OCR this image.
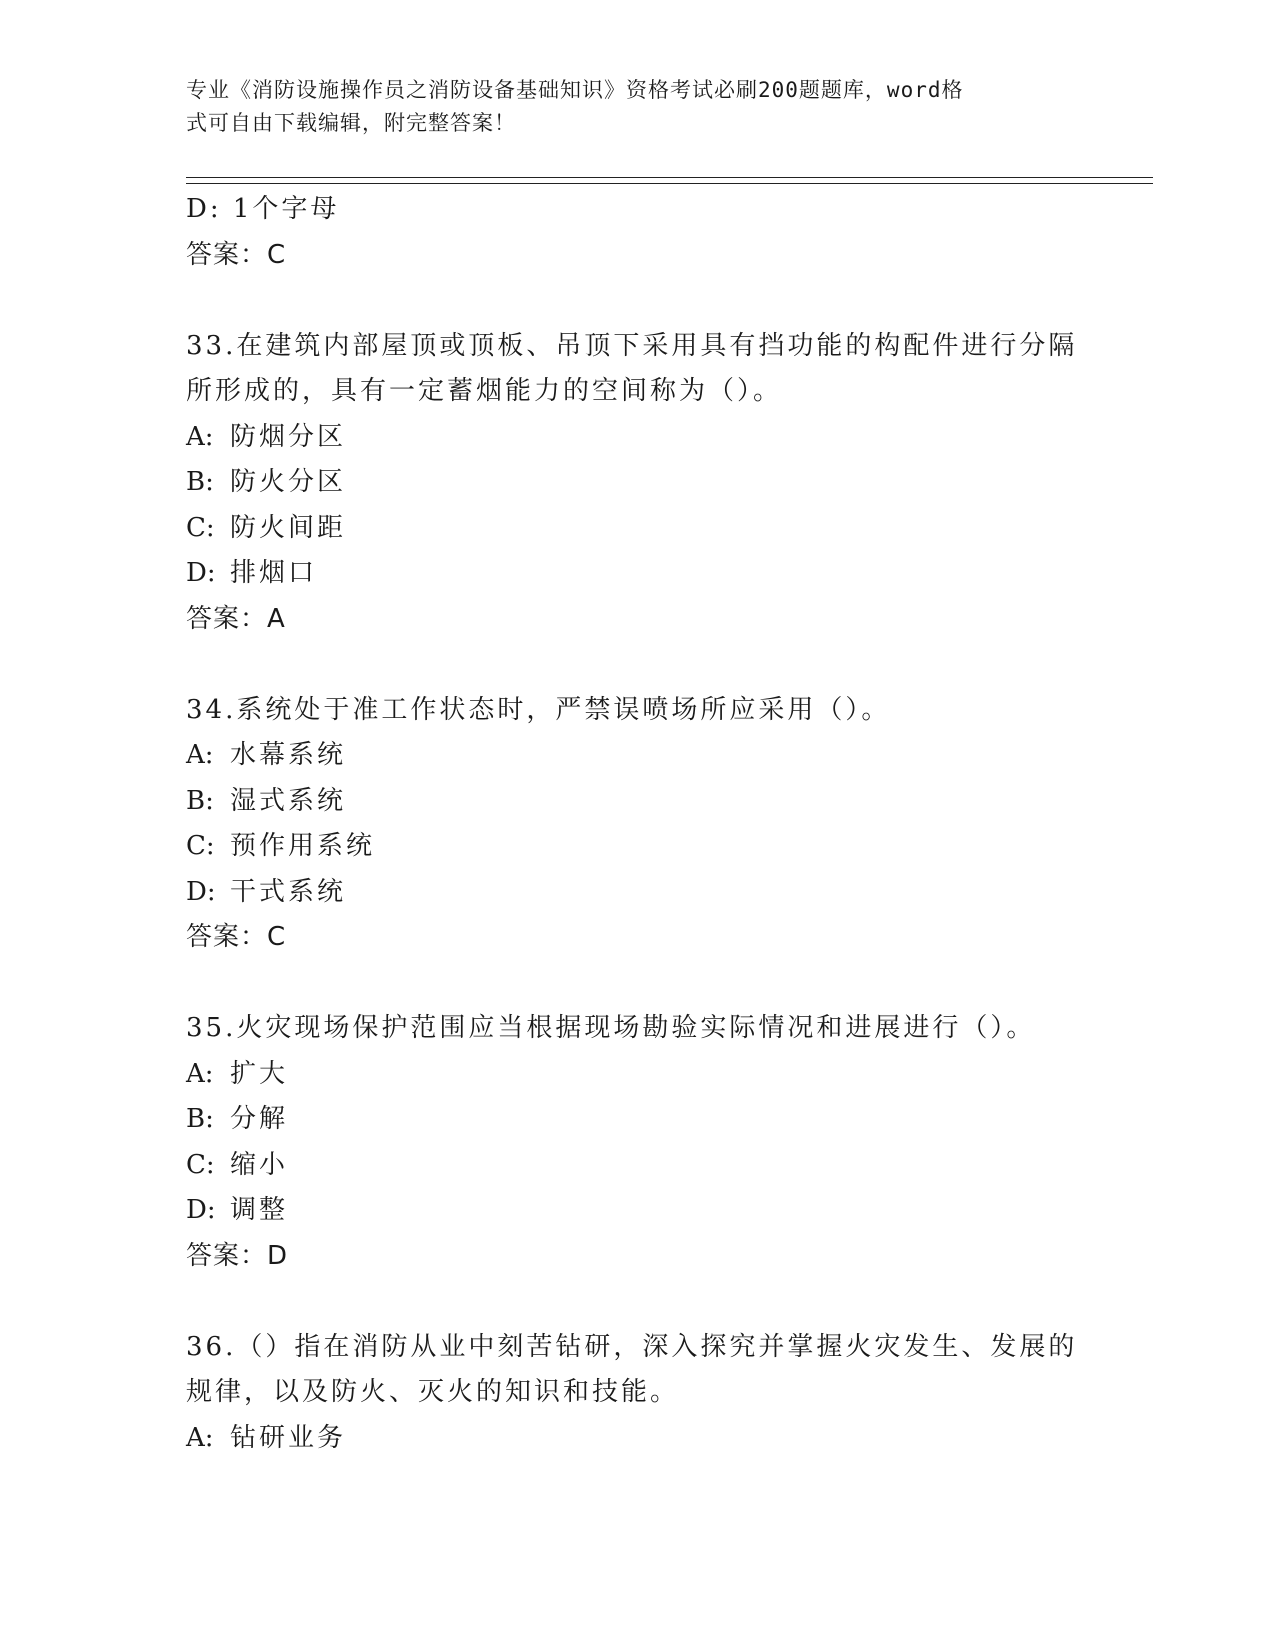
专业《消防设施操作员之消防设备基础知识》资格考试必刷200题题库，word格
式可自由下载编辑，附完整答案！
D: 1个字母
答案：C
33.在建筑内部屋顶或顶板、吊顶下采用具有挡功能的构配件进行分隔
所形成的，具有一定蓄烟能力的空间称为（）。
A: 防烟分区
B: 防火分区
C: 防火间距
D: 排烟口
答案：A
34.系统处于准工作状态时，严禁误喷场所应采用（）。
A: 水幕系统
B: 湿式系统
C: 预作用系统
D: 干式系统
答案：C
35.火灾现场保护范围应当根据现场勘验实际情况和进展进行（）。
A: 扩大
B: 分解
C: 缩小
D: 调整
答案：D
36.（）指在消防从业中刻苦钻研，深入探究并掌握火灾发生、发展的
规律，以及防火、灭火的知识和技能。
A: 钻研业务
